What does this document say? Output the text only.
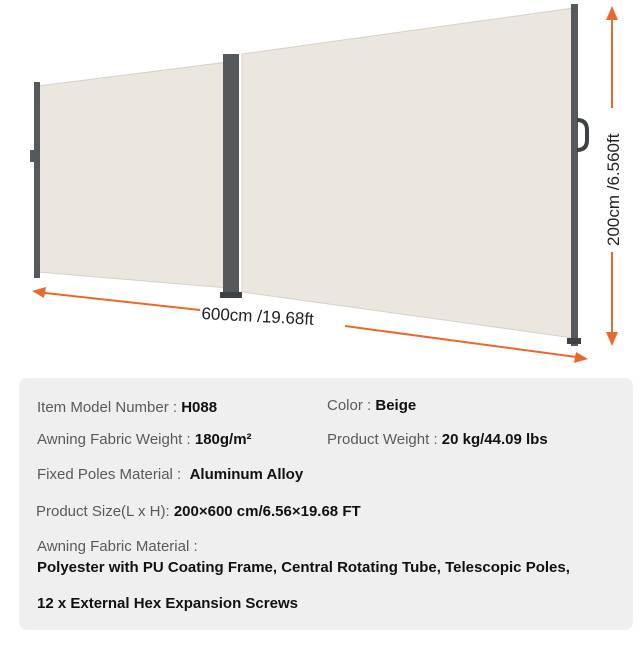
600cm /19.68ft
200cm /6.560ft
Item Model Number : H088	Color : Beige
Awning Fabric Weight : 180g/m²	Product Weight : 20 kg/44.09 lbs
Fixed Poles Material :  Aluminum Alloy
Product Size(L x H): 200×600 cm/6.56×19.68 FT
Awning Fabric Material :
Polyester with PU Coating Frame, Central Rotating Tube, Telescopic Poles,
12 x External Hex Expansion Screws
